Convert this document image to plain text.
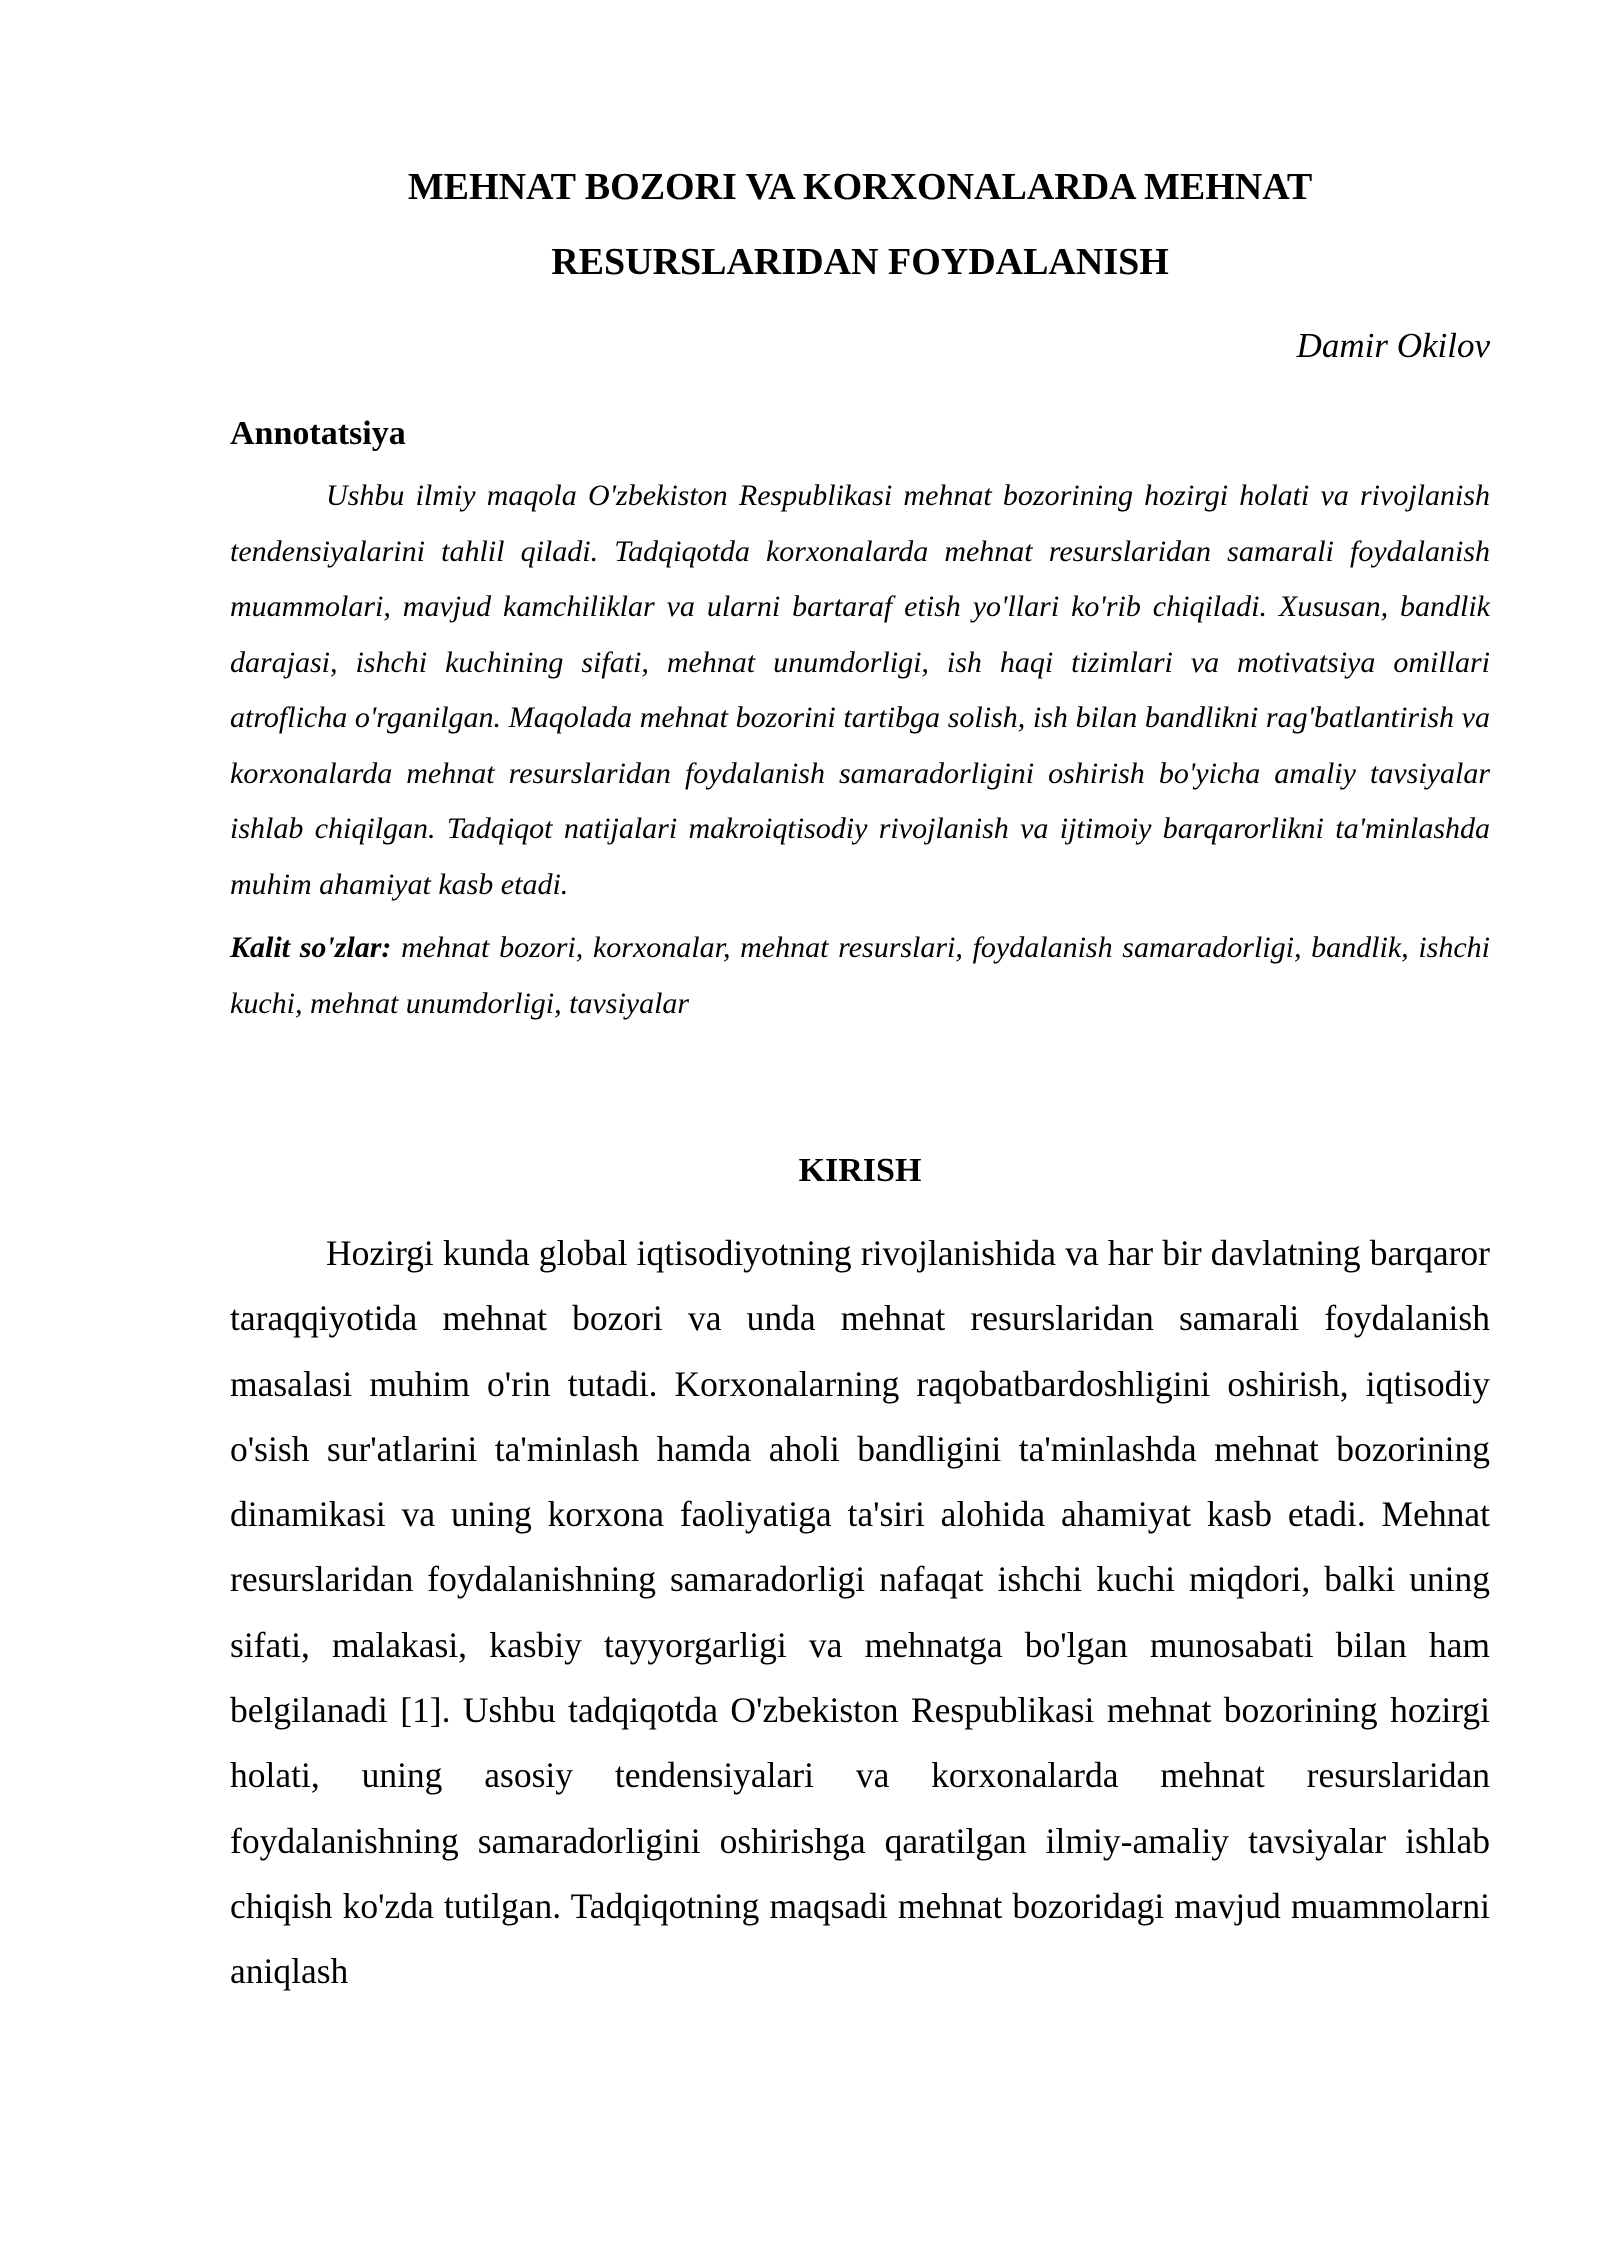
MEHNAT BOZORI VA KORXONALARDA MEHNAT
RESURSLARIDAN FOYDALANISH
Damir Okilov
Annotatsiya

Ushbu ilmiy maqola O'zbekiston Respublikasi mehnat bozorining hozirgi holati va rivojlanish tendensiyalarini tahlil qiladi. Tadqiqotda korxonalarda mehnat resurslaridan samarali foydalanish muammolari, mavjud kamchiliklar va ularni bartaraf etish yo'llari ko'rib chiqiladi. Xususan, bandlik darajasi, ishchi kuchining sifati, mehnat unumdorligi, ish haqi tizimlari va motivatsiya omillari atroflicha o'rganilgan. Maqolada mehnat bozorini tartibga solish, ish bilan bandlikni rag'batlantirish va korxonalarda mehnat resurslaridan foydalanish samaradorligini oshirish bo'yicha amaliy tavsiyalar ishlab chiqilgan. Tadqiqot natijalari makroiqtisodiy rivojlanish va ijtimoiy barqarorlikni ta'minlashda muhim ahamiyat kasb etadi.

Kalit so'zlar: mehnat bozori, korxonalar, mehnat resurslari, foydalanish samaradorligi, bandlik, ishchi kuchi, mehnat unumdorligi, tavsiyalar

KIRISH

Hozirgi kunda global iqtisodiyotning rivojlanishida va har bir davlatning barqaror taraqqiyotida mehnat bozori va unda mehnat resurslaridan samarali foydalanish masalasi muhim o'rin tutadi. Korxonalarning raqobatbardoshligini oshirish, iqtisodiy o'sish sur'atlarini ta'minlash hamda aholi bandligini ta'minlashda mehnat bozorining dinamikasi va uning korxona faoliyatiga ta'siri alohida ahamiyat kasb etadi. Mehnat resurslaridan foydalanishning samaradorligi nafaqat ishchi kuchi miqdori, balki uning sifati, malakasi, kasbiy tayyorgarligi va mehnatga bo'lgan munosabati bilan ham belgilanadi [1]. Ushbu tadqiqotda O'zbekiston Respublikasi mehnat bozorining hozirgi holati, uning asosiy tendensiyalari va korxonalarda mehnat resurslaridan foydalanishning samaradorligini oshirishga qaratilgan ilmiy-amaliy tavsiyalar ishlab chiqish ko'zda tutilgan. Tadqiqotning maqsadi mehnat bozoridagi mavjud muammolarni aniqlash
